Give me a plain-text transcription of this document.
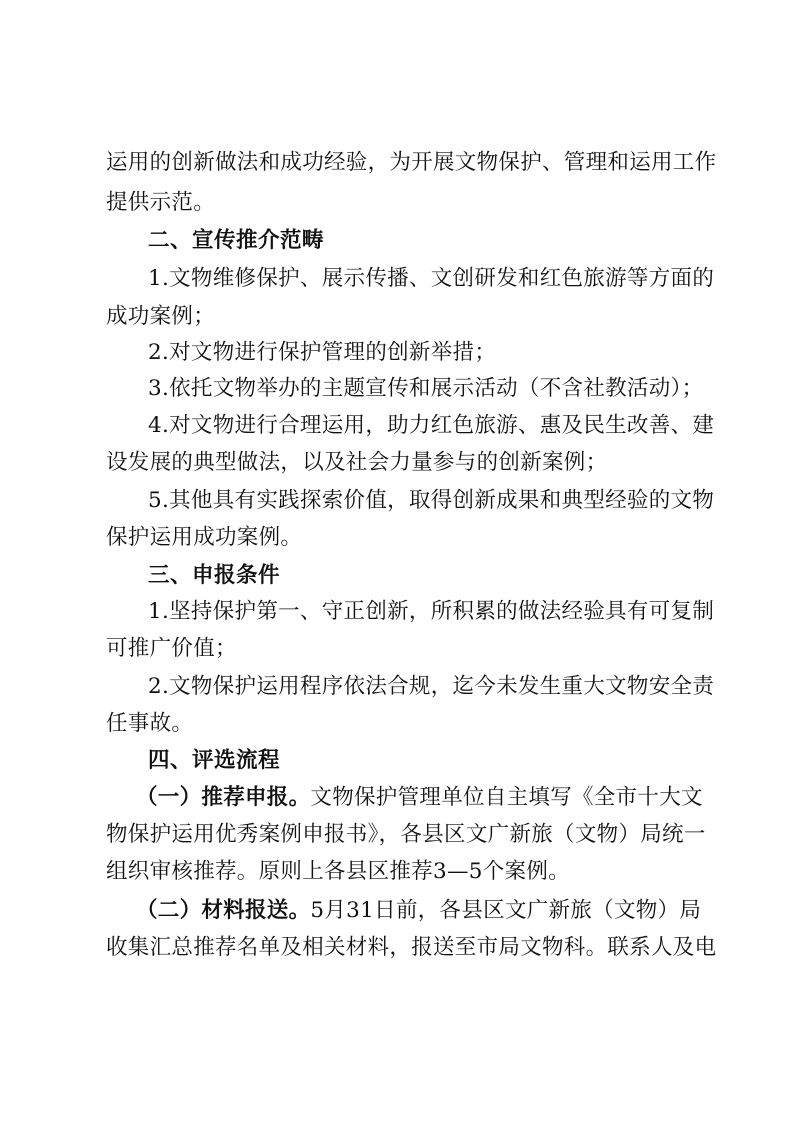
运用的创新做法和成功经验，为开展文物保护、管理和运用工作
提供示范。
二、宣传推介范畴
1.文物维修保护、展示传播、文创研发和红色旅游等方面的
成功案例；
2.对文物进行保护管理的创新举措；
3.依托文物举办的主题宣传和展示活动（不含社教活动）；
4.对文物进行合理运用，助力红色旅游、惠及民生改善、建
设发展的典型做法，以及社会力量参与的创新案例；
5.其他具有实践探索价值，取得创新成果和典型经验的文物
保护运用成功案例。
三、申报条件
1.坚持保护第一、守正创新，所积累的做法经验具有可复制
可推广价值；
2.文物保护运用程序依法合规，迄今未发生重大文物安全责
任事故。
四、评选流程
（一）推荐申报。文物保护管理单位自主填写《全市十大文
物保护运用优秀案例申报书》，各县区文广新旅（文物）局统一
组织审核推荐。原则上各县区推荐3—5个案例。
（二）材料报送。5月31日前，各县区文广新旅（文物）局
收集汇总推荐名单及相关材料，报送至市局文物科。联系人及电
